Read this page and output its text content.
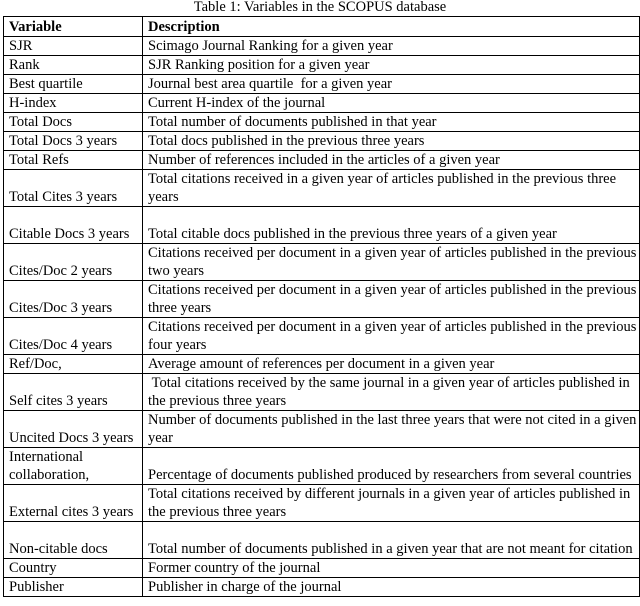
Table 1: Variables in the SCOPUS database
Variable	Description
SJR	Scimago Journal Ranking for a given year
Rank	SJR Ranking position for a given year
Best quartile	Journal best area quartile  for a given year
H-index	Current H-index of the journal
Total Docs	Total number of documents published in that year
Total Docs 3 years	Total docs published in the previous three years
Total Refs	Number of references included in the articles of a given year
Total Cites 3 years	Total citations received in a given year of articles published in the previous three years
Citable Docs 3 years	Total citable docs published in the previous three years of a given year
Cites/Doc 2 years	Citations received per document in a given year of articles published in the previous two years
Cites/Doc 3 years	Citations received per document in a given year of articles published in the previous three years
Cites/Doc 4 years	Citations received per document in a given year of articles published in the previous four years
Ref/Doc,	Average amount of references per document in a given year
Self cites 3 years	Total citations received by the same journal in a given year of articles published in the previous three years
Uncited Docs 3 years	Number of documents published in the last three years that were not cited in a given year
International collaboration,	Percentage of documents published produced by researchers from several countries
External cites 3 years	Total citations received by different journals in a given year of articles published in the previous three years
Non-citable docs	Total number of documents published in a given year that are not meant for citation
Country	Former country of the journal
Publisher	Publisher in charge of the journal
